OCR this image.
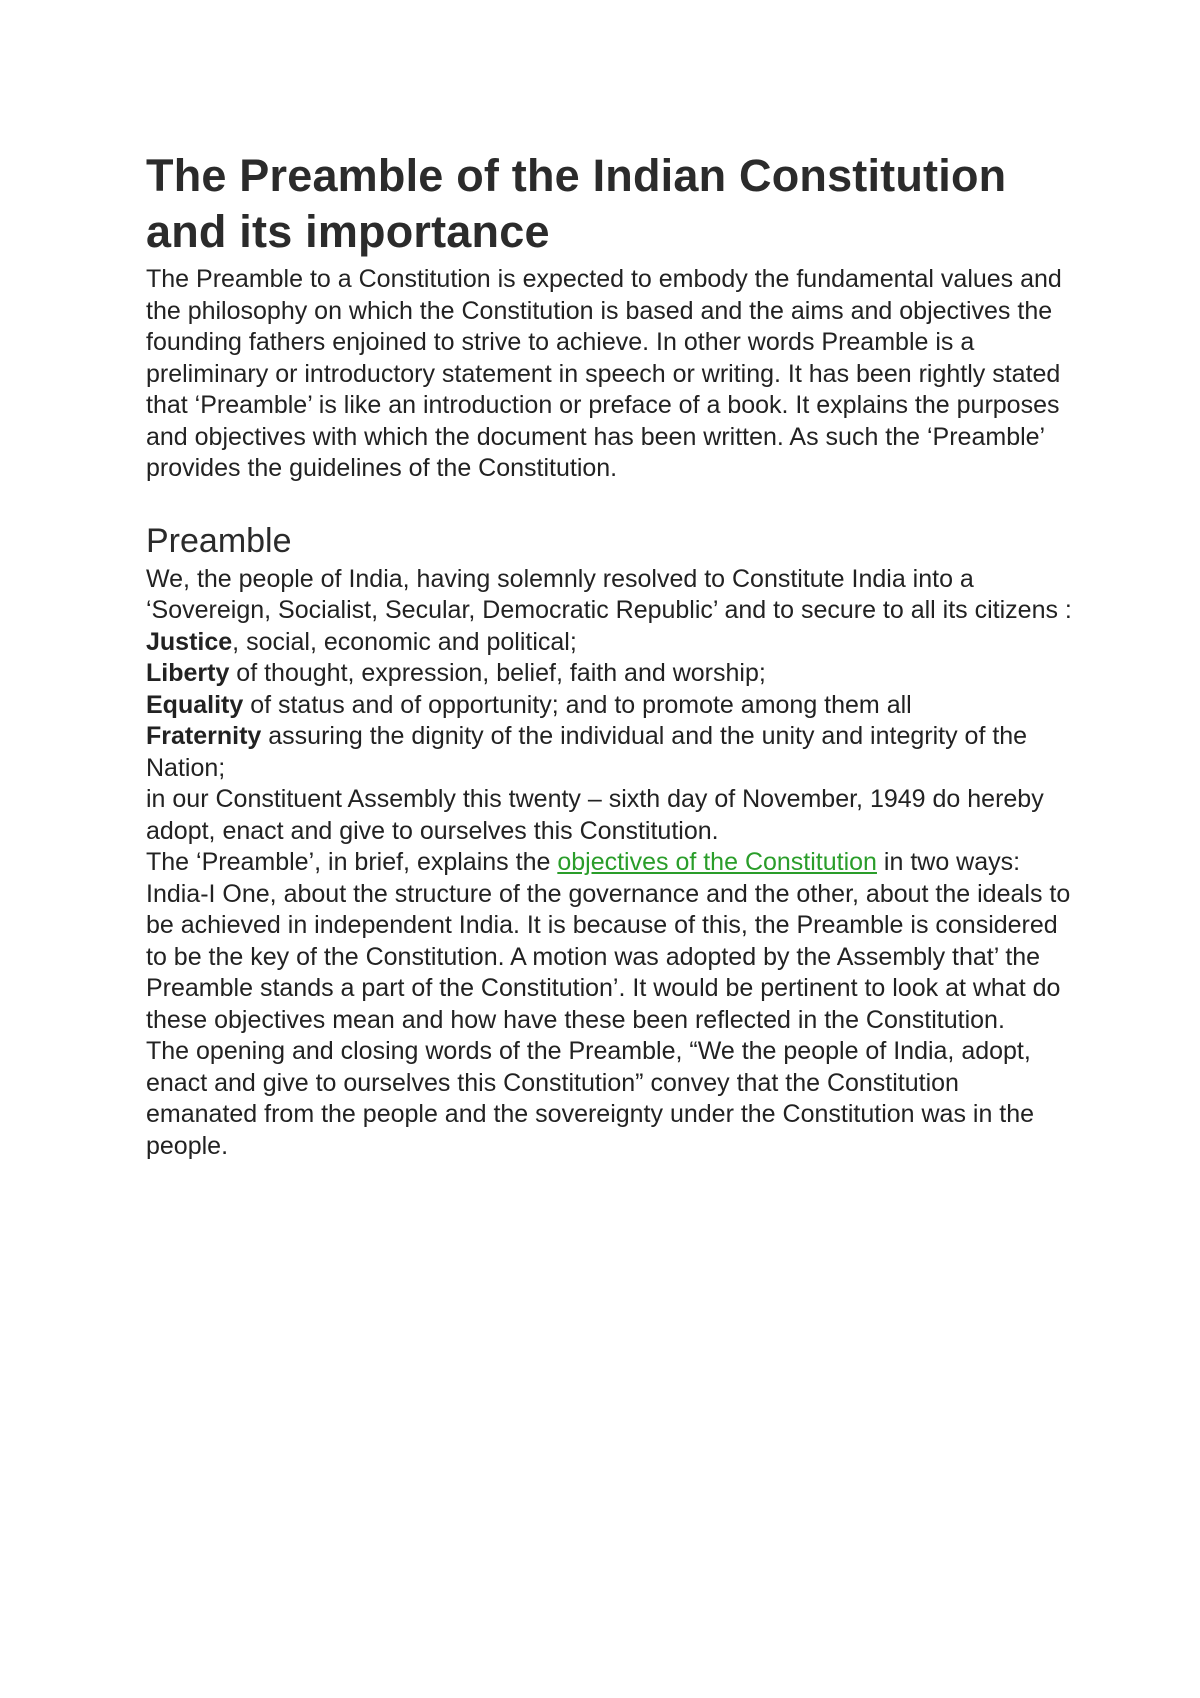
The Preamble of the Indian Constitution and its importance

The Preamble to a Constitution is expected to embody the fundamental values and the philosophy on which the Constitution is based and the aims and objectives the founding fathers enjoined to strive to achieve. In other words Preamble is a preliminary or introductory statement in speech or writing. It has been rightly stated that ‘Preamble’ is like an introduction or preface of a book. It explains the purposes and objectives with which the document has been written. As such the ‘Preamble’ provides the guidelines of the Constitution.

Preamble

We, the people of India, having solemnly resolved to Constitute India into a ‘Sovereign, Socialist, Secular, Democratic Republic’ and to secure to all its citizens :

Justice, social, economic and political;

Liberty of thought, expression, belief, faith and worship;

Equality of status and of opportunity; and to promote among them all

Fraternity assuring the dignity of the individual and the unity and integrity of the Nation;

in our Constituent Assembly this twenty – sixth day of November, 1949 do hereby adopt, enact and give to ourselves this Constitution.

The ‘Preamble’, in brief, explains the objectives of the Constitution in two ways: India-I One, about the structure of the governance and the other, about the ideals to be achieved in independent India. It is because of this, the Preamble is considered to be the key of the Constitution. A motion was adopted by the Assembly that’ the Preamble stands a part of the Constitution’. It would be pertinent to look at what do these objectives mean and how have these been reflected in the Constitution.

The opening and closing words of the Preamble, “We the people of India, adopt, enact and give to ourselves this Constitution” convey that the Constitution emanated from the people and the sovereignty under the Constitution was in the people.
